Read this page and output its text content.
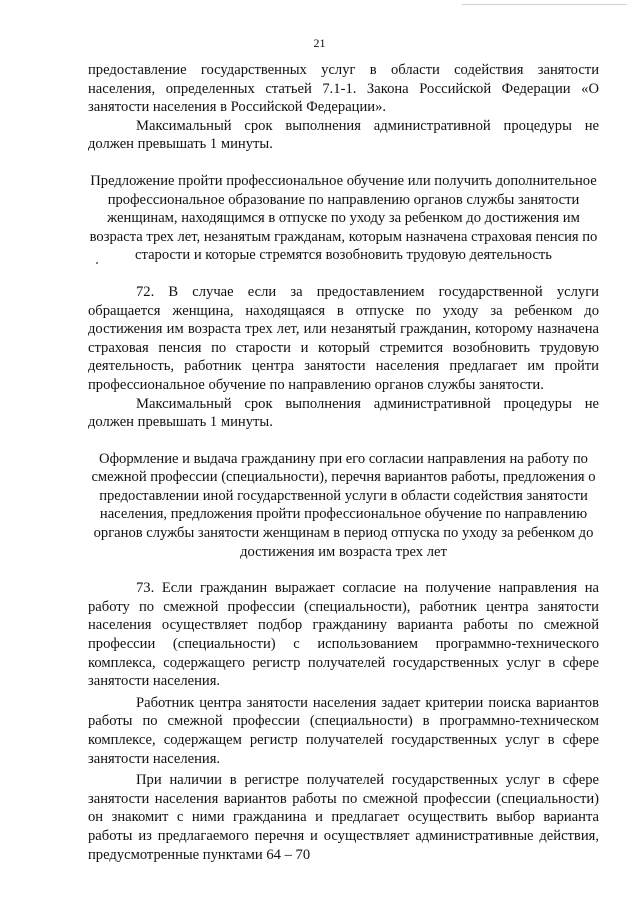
21

предоставление государственных услуг в области содействия занятости населения, определенных статьей 7.1-1. Закона Российской Федерации «О занятости населения в Российской Федерации».

Максимальный срок выполнения административной процедуры не должен превышать 1 минуты.

Предложение пройти профессиональное обучение или получить дополнительное профессиональное образование по направлению органов службы занятости женщинам, находящимся в отпуске по уходу за ребенком до достижения им возраста трех лет, незанятым гражданам, которым назначена страховая пенсия по старости и которые стремятся возобновить трудовую деятельность

72. В случае если за предоставлением государственной услуги обращается женщина, находящаяся в отпуске по уходу за ребенком до достижения им возраста трех лет, или незанятый гражданин, которому назначена страховая пенсия по старости и который стремится возобновить трудовую деятельность, работник центра занятости населения предлагает им пройти профессиональное обучение по направлению органов службы занятости.

Максимальный срок выполнения административной процедуры не должен превышать 1 минуты.

Оформление и выдача гражданину при его согласии направления на работу по смежной профессии (специальности), перечня вариантов работы, предложения о предоставлении иной государственной услуги в области содействия занятости населения, предложения пройти профессиональное обучение по направлению органов службы занятости женщинам в период отпуска по уходу за ребенком до достижения им возраста трех лет

73. Если гражданин выражает согласие на получение направления на работу по смежной профессии (специальности), работник центра занятости населения осуществляет подбор гражданину варианта работы по смежной профессии (специальности) с использованием программно-технического комплекса, содержащего регистр получателей государственных услуг в сфере занятости населения.

Работник центра занятости населения задает критерии поиска вариантов работы по смежной профессии (специальности) в программно-техническом комплексе, содержащем регистр получателей государственных услуг в сфере занятости населения.

При наличии в регистре получателей государственных услуг в сфере занятости населения вариантов работы по смежной профессии (специальности) он знакомит с ними гражданина и предлагает осуществить выбор варианта работы из предлагаемого перечня и осуществляет административные действия, предусмотренные пунктами 64 – 70
